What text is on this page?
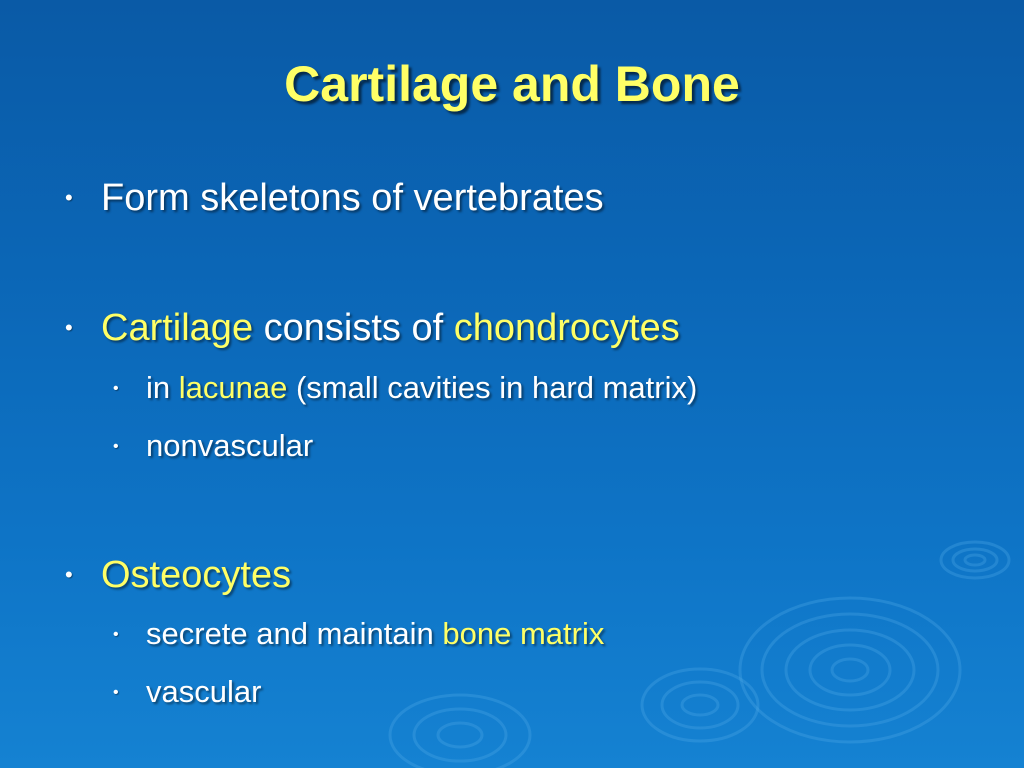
Cartilage and Bone
• Form skeletons of vertebrates
• Cartilage consists of chondrocytes
• in lacunae (small cavities in hard matrix)
• nonvascular
• Osteocytes
• secrete and maintain bone matrix
• vascular
